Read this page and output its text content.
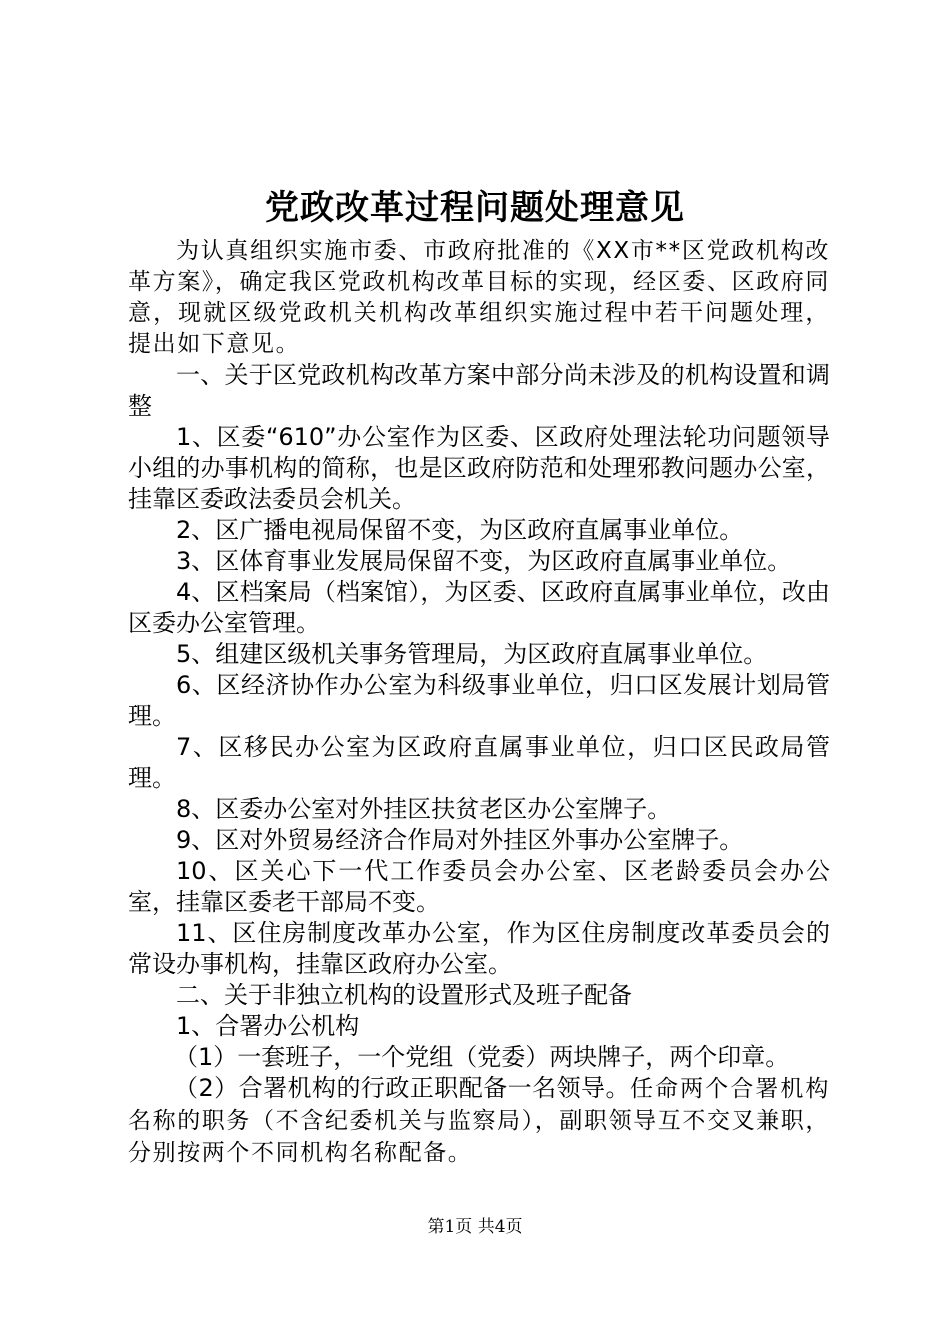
党政改革过程问题处理意见

为认真组织实施市委、市政府批准的《XX市**区党政机构改革方案》，确定我区党政机构改革目标的实现，经区委、区政府同意，现就区级党政机关机构改革组织实施过程中若干问题处理，提出如下意见。

一、关于区党政机构改革方案中部分尚未涉及的机构设置和调整

1、区委“610”办公室作为区委、区政府处理法轮功问题领导小组的办事机构的简称，也是区政府防范和处理邪教问题办公室，挂靠区委政法委员会机关。

2、区广播电视局保留不变，为区政府直属事业单位。

3、区体育事业发展局保留不变，为区政府直属事业单位。

4、区档案局（档案馆），为区委、区政府直属事业单位，改由区委办公室管理。

5、组建区级机关事务管理局，为区政府直属事业单位。

6、区经济协作办公室为科级事业单位，归口区发展计划局管理。

7、区移民办公室为区政府直属事业单位，归口区民政局管理。

8、区委办公室对外挂区扶贫老区办公室牌子。

9、区对外贸易经济合作局对外挂区外事办公室牌子。

10、区关心下一代工作委员会办公室、区老龄委员会办公室，挂靠区委老干部局不变。

11、区住房制度改革办公室，作为区住房制度改革委员会的常设办事机构，挂靠区政府办公室。

二、关于非独立机构的设置形式及班子配备

1、合署办公机构

（1）一套班子，一个党组（党委）两块牌子，两个印章。

（2）合署机构的行政正职配备一名领导。任命两个合署机构名称的职务（不含纪委机关与监察局），副职领导互不交叉兼职，分别按两个不同机构名称配备。

第1页 共4页
